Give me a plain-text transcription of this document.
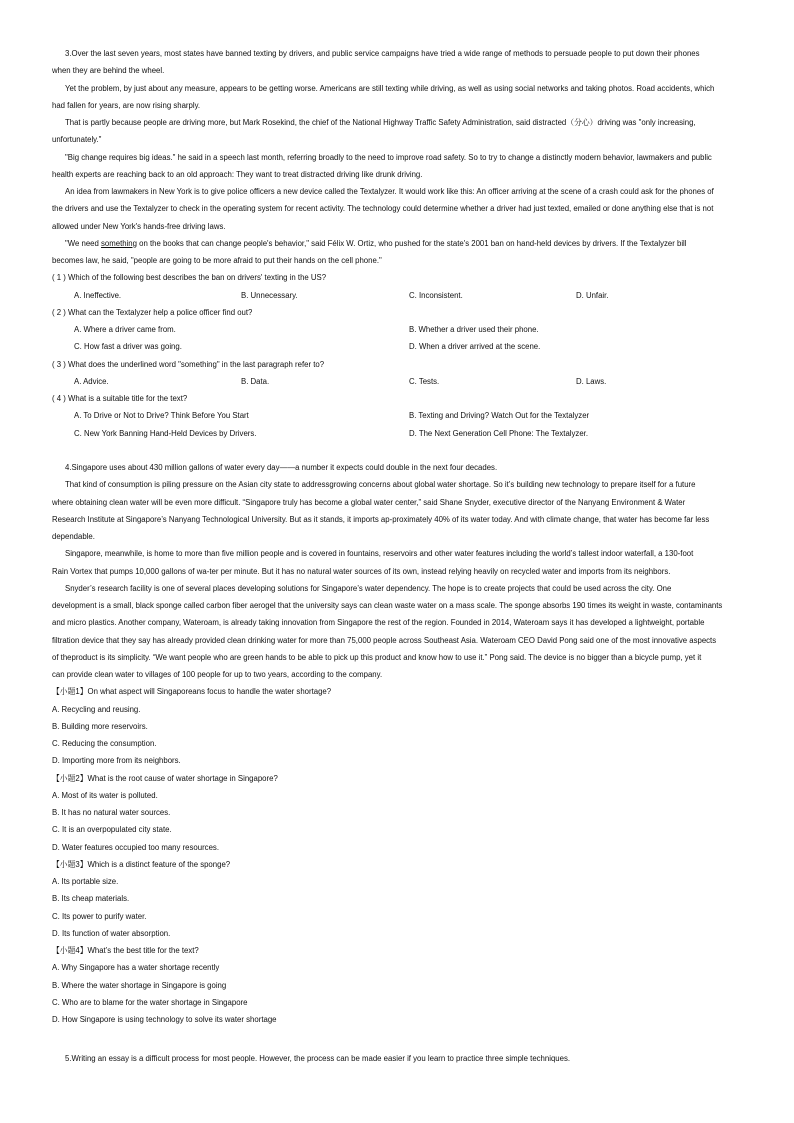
3.Over the last seven years, most states have banned texting by drivers, and public service campaigns have tried a wide range of methods to persuade people to put down their phones
when they are behind the wheel.
Yet the problem, by just about any measure, appears to be getting worse. Americans are still texting while driving, as well as using social networks and taking photos. Road accidents, which
had fallen for years, are now rising sharply.
That is partly because people are driving more, but Mark Rosekind, the chief of the National Highway Traffic Safety Administration, said distracted（分心）driving was "only increasing,
unfortunately."
"Big change requires big ideas." he said in a speech last month, referring broadly to the need to improve road safety. So to try to change a distinctly modern behavior, lawmakers and public
health experts are reaching back to an old approach: They want to treat distracted driving like drunk driving.
An idea from lawmakers in New York is to give police officers a new device called the Textalyzer. It would work like this: An officer arriving at the scene of a crash could ask for the phones of
the drivers and use the Textalyzer to check in the operating system for recent activity. The technology could determine whether a driver had just texted, emailed or done anything else that is not
allowed under New York's hands-free driving laws.
"We need something on the books that can change people's behavior," said Félix W. Ortiz, who pushed for the state's 2001 ban on hand-held devices by drivers. If the Textalyzer bill
becomes law, he said, "people are going to be more afraid to put their hands on the cell phone."
( 1 ) Which of the following best describes the ban on drivers' texting in the US?
A. Ineffective.	B. Unnecessary.	C. Inconsistent.	D. Unfair.
( 2 ) What can the Textalyzer help a police officer find out?
A. Where a driver came from.	B. Whether a driver used their phone.
C. How fast a driver was going.	D. When a driver arrived at the scene.
( 3 ) What does the underlined word "something" in the last paragraph refer to?
A. Advice.	B. Data.	C. Tests.	D. Laws.
( 4 ) What is a suitable title for the text?
A. To Drive or Not to Drive? Think Before You Start	B. Texting and Driving? Watch Out for the Textalyzer
C. New York Banning Hand-Held Devices by Drivers.	D. The Next Generation Cell Phone: The Textalyzer.
4.Singapore uses about 430 million gallons of water every day——a number it expects could double in the next four decades.
That kind of consumption is piling pressure on the Asian city state to addressgrowing concerns about global water shortage. So it’s building new technology to prepare itself for a future
where obtaining clean water will be even more difficult. “Singapore truly has become a global water center,” said Shane Snyder, executive director of the Nanyang Environment & Water
Research Institute at Singapore’s Nanyang Technological University. But as it stands, it imports ap-proximately 40% of its water today. And with climate change, that water has become far less
dependable.
Singapore, meanwhile, is home to more than five million people and is covered in fountains, reservoirs and other water features including the world’s tallest indoor waterfall, a 130-foot
Rain Vortex that pumps 10,000 gallons of wa-ter per minute. But it has no natural water sources of its own, instead relying heavily on recycled water and imports from its neighbors.
Snyder’s research facility is one of several places developing solutions for Singapore’s water dependency. The hope is to create projects that could be used across the city. One
development is a small, black sponge called carbon fiber aerogel that the university says can clean waste water on a mass scale. The sponge absorbs 190 times its weight in waste, contaminants
and micro plastics. Another company, Wateroam, is already taking innovation from Singapore the rest of the region. Founded in 2014, Wateroam says it has developed a lightweight, portable
filtration device that they say has already provided clean drinking water for more than 75,000 people across Southeast Asia. Wateroam CEO David Pong said one of the most innovative aspects
of theproduct is its simplicity. “We want people who are green hands to be able to pick up this product and know how to use it.” Pong said. The device is no bigger than a bicycle pump, yet it
can provide clean water to villages of 100 people for up to two years, according to the company.
【小题1】On what aspect will Singaporeans focus to handle the water shortage?
A. Recycling and reusing.
B. Building more reservoirs.
C. Reducing the consumption.
D. Importing more from its neighbors.
【小题2】What is the root cause of water shortage in Singapore?
A. Most of its water is polluted.
B. It has no natural water sources.
C. It is an overpopulated city state.
D. Water features occupied too many resources.
【小题3】Which is a distinct feature of the sponge?
A. Its portable size.
B. Its cheap materials.
C. Its power to purify water.
D. Its function of water absorption.
【小题4】What’s the best title for the text?
A. Why Singapore has a water shortage recently
B. Where the water shortage in Singapore is going
C. Who are to blame for the water shortage in Singapore
D. How Singapore is using technology to solve its water shortage
5.Writing an essay is a difficult process for most people. However, the process can be made easier if you learn to practice three simple techniques.
